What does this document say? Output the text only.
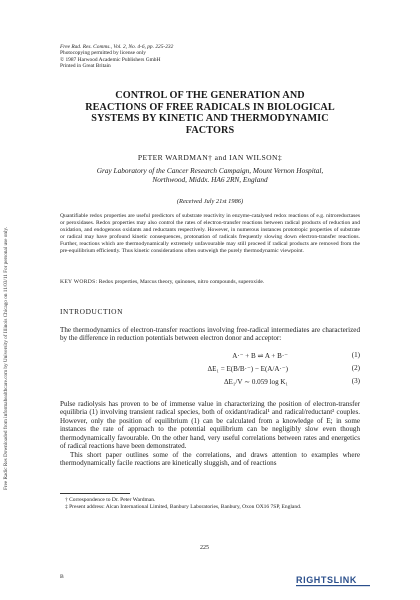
Free Radic Res Downloaded from informahealthcare.com by University of Illinois Chicago on 11/03/11 For personal use only.
Free Rad. Res. Comms., Vol. 2, No. 4-6, pp. 225-232
Photocopying permitted by license only
© 1987 Harwood Academic Publishers GmbH
Printed in Great Britain
CONTROL OF THE GENERATION AND
REACTIONS OF FREE RADICALS IN BIOLOGICAL
SYSTEMS BY KINETIC AND THERMODYNAMIC
FACTORS
PETER WARDMAN† and IAN WILSON‡
Gray Laboratory of the Cancer Research Campaign, Mount Vernon Hospital,
Northwood, Middx. HA6 2RN, England
(Received July 21st 1986)
Quantifiable redox properties are useful predictors of substrate reactivity in enzyme-catalysed redox reactions of e.g. nitroreductases or peroxidases. Redox properties may also control the rates of electron-transfer reactions between radical products of reduction and oxidation, and endogenous oxidants and reductants respectively. However, in numerous instances prototropic properties of substrate or radical may have profound kinetic consequences, protonation of radicals frequently slowing down electron-transfer reactions. Further, reactions which are thermodynamically extremely unfavourable may still proceed if radical products are removed from the pre-equilibrium efficiently. Thus kinetic considerations often outweigh the purely thermodynamic viewpoint.
KEY WORDS: Redox properties, Marcus theory, quinones, nitro compounds, superoxide.
INTRODUCTION
The thermodynamics of electron-transfer reactions involving free-radical intermediates are characterized by the difference in reduction potentials between electron donor and acceptor:
A·⁻ + B ⇌ A + B·⁻	(1)
ΔE₁ = E(B/B·⁻) − E(A/A·⁻)	(2)
ΔE₁/V ∼ 0.059 log K₁	(3)

Pulse radiolysis has proven to be of immense value in characterizing the position of electron-transfer equilibria (1) involving transient radical species, both of oxidant/radical¹ and radical/reductant² couples. However, only the position of equilibrium (1) can be calculated from a knowledge of E; in some instances the rate of approach to the potential equilibrium can be negligibly slow even though thermodynamically favourable. On the other hand, very useful correlations between rates and energetics of radical reactions have been demonstrated.

This short paper outlines some of the correlations, and draws attention to examples where thermodynamically facile reactions are kinetically sluggish, and of reactions

† Correspondence to Dr. Peter Wardman.
‡ Present address: Alcan International Limited, Banbury Laboratories, Banbury, Oxon OX16 7SP, England.
225
B	RIGHTSLINK
